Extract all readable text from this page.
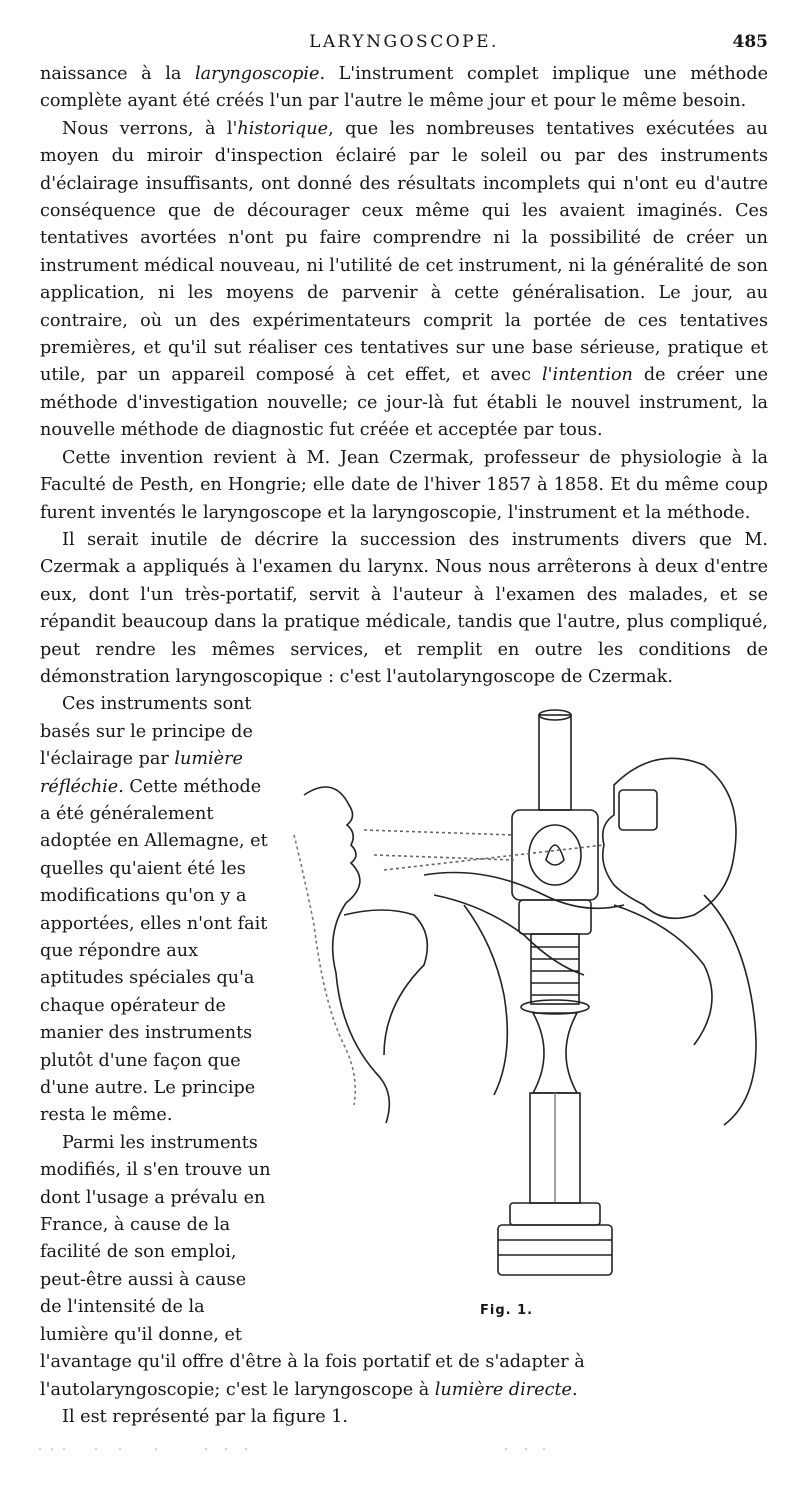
LARYNGOSCOPE.	485

naissance à la laryngoscopie. L'instrument complet implique une méthode complète ayant été créés l'un par l'autre le même jour et pour le même besoin.

Nous verrons, à l'historique, que les nombreuses tentatives exécutées au moyen du miroir d'inspection éclairé par le soleil ou par des instruments d'éclairage insuffisants, ont donné des résultats incomplets qui n'ont eu d'autre conséquence que de décourager ceux même qui les avaient imaginés. Ces tentatives avortées n'ont pu faire comprendre ni la possibilité de créer un instrument médical nouveau, ni l'utilité de cet instrument, ni la généralité de son application, ni les moyens de parvenir à cette généralisation. Le jour, au contraire, où un des expérimentateurs comprit la portée de ces tentatives premières, et qu'il sut réaliser ces tentatives sur une base sérieuse, pratique et utile, par un appareil composé à cet effet, et avec l'intention de créer une méthode d'investigation nouvelle; ce jour-là fut établi le nouvel instrument, la nouvelle méthode de diagnostic fut créée et acceptée par tous.

Cette invention revient à M. Jean Czermak, professeur de physiologie à la Faculté de Pesth, en Hongrie; elle date de l'hiver 1857 à 1858. Et du même coup furent inventés le laryngoscope et la laryngoscopie, l'instrument et la méthode.

Il serait inutile de décrire la succession des instruments divers que M. Czermak a appliqués à l'examen du larynx. Nous nous arrêterons à deux d'entre eux, dont l'un très-portatif, servit à l'auteur à l'examen des malades, et se répandit beaucoup dans la pratique médicale, tandis que l'autre, plus compliqué, peut rendre les mêmes services, et remplit en outre les conditions de démonstration laryngoscopique : c'est l'autolaryngoscope de Czermak.

Fig. 1.

Ces instruments sont basés sur le principe de l'éclairage par lumière réfléchie. Cette méthode a été généralement adoptée en Allemagne, et quelles qu'aient été les modifications qu'on y a apportées, elles n'ont fait que répondre aux aptitudes spéciales qu'a chaque opérateur de manier des instruments plutôt d'une façon que d'une autre. Le principe resta le même.

Parmi les instruments modifiés, il s'en trouve un dont l'usage a prévalu en France, à cause de la facilité de son emploi, peut-être aussi à cause de l'intensité de la lumière qu'il donne, et l'avantage qu'il offre d'être à la fois portatif et de s'adapter à l'autolaryngoscopie; c'est le laryngoscope à lumière directe.

Il est représenté par la figure 1.
